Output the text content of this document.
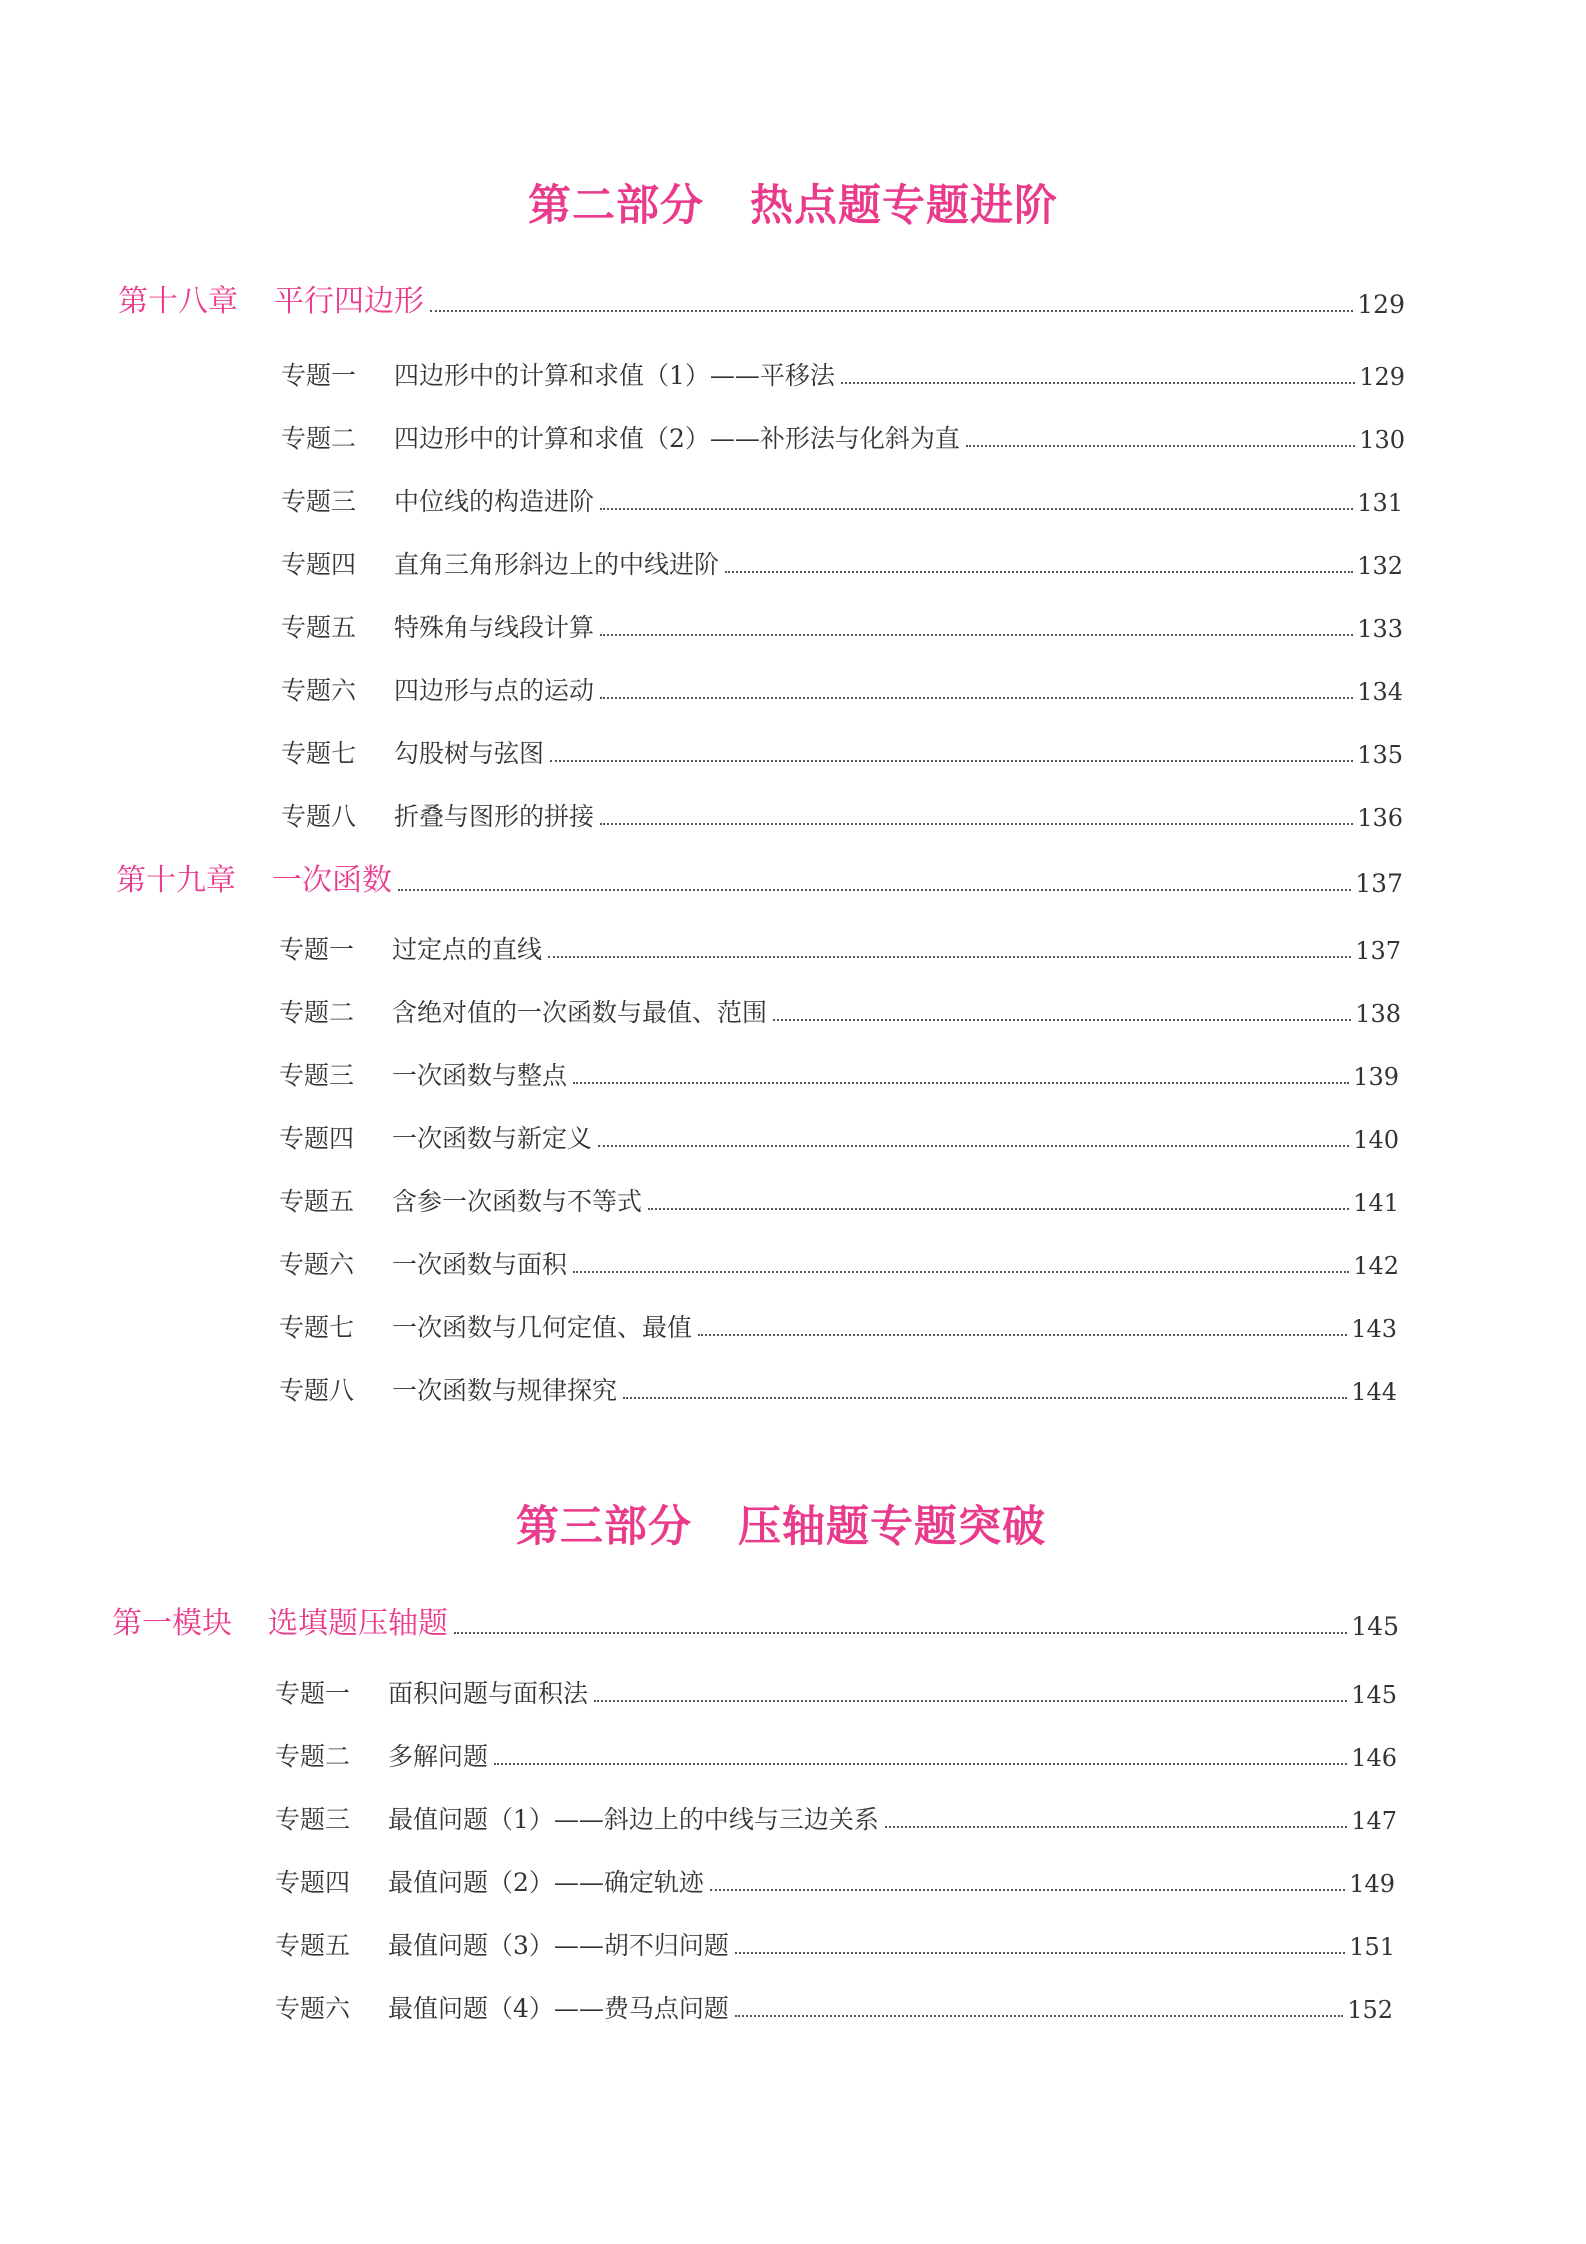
第二部分 热点题专题进阶
第十八章	平行四边形	129
专题一	四边形中的计算和求值（1）——平移法	129
专题二	四边形中的计算和求值（2）——补形法与化斜为直	130
专题三	中位线的构造进阶	131
专题四	直角三角形斜边上的中线进阶	132
专题五	特殊角与线段计算	133
专题六	四边形与点的运动	134
专题七	勾股树与弦图	135
专题八	折叠与图形的拼接	136
第十九章	一次函数	137
专题一	过定点的直线	137
专题二	含绝对值的一次函数与最值、范围	138
专题三	一次函数与整点	139
专题四	一次函数与新定义	140
专题五	含参一次函数与不等式	141
专题六	一次函数与面积	142
专题七	一次函数与几何定值、最值	143
专题八	一次函数与规律探究	144
第三部分 压轴题专题突破
第一模块	选填题压轴题	145
专题一	面积问题与面积法	145
专题二	多解问题	146
专题三	最值问题（1）——斜边上的中线与三边关系	147
专题四	最值问题（2）——确定轨迹	149
专题五	最值问题（3）——胡不归问题	151
专题六	最值问题（4）——费马点问题	152
